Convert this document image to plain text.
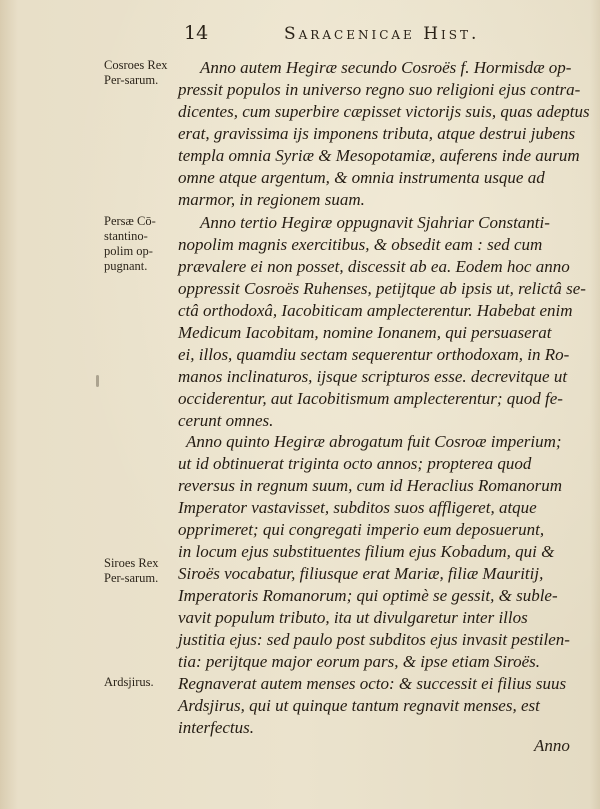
14	Saracenicae Hist.
Cosroes Rex Per-sarum.
Persæ Cō-stantino-polim op-pugnant.
Siroes Rex Per-sarum.
Ardsjirus.
Anno autem Hegiræ secundo Cosroës f. Hormisdæ op-
pressit populos in universo regno suo religioni ejus contra-
dicentes, cum superbire cæpisset victorijs suis, quas adeptus
erat, gravissima ijs imponens tributa, atque destrui jubens
templa omnia Syriæ & Mesopotamiæ, auferens inde aurum
omne atque argentum, & omnia instrumenta usque ad
marmor, in regionem suam.
Anno tertio Hegiræ oppugnavit Sjahriar Constanti-
nopolim magnis exercitibus, & obsedit eam : sed cum
prævalere ei non posset, discessit ab ea. Eodem hoc anno
oppressit Cosroës Ruhenses, petijtque ab ipsis ut, relictâ se-
ctâ orthodoxâ, Iacobiticam amplecterentur. Habebat enim
Medicum Iacobitam, nomine Ionanem, qui persuaserat
ei, illos, quamdiu sectam sequerentur orthodoxam, in Ro-
manos inclinaturos, ijsque scripturos esse. decrevitque ut
occiderentur, aut Iacobitismum amplecterentur; quod fe-
cerunt omnes.
Anno quinto Hegiræ abrogatum fuit Cosroæ imperium;
ut id obtinuerat triginta octo annos; propterea quod
reversus in regnum suum, cum id Heraclius Romanorum
Imperator vastavisset, subditos suos affligeret, atque
opprimeret; qui congregati imperio eum deposuerunt,
in locum ejus substituentes filium ejus Kobadum, qui &
Siroës vocabatur, filiusque erat Mariæ, filiæ Mauritij,
Imperatoris Romanorum; qui optimè se gessit, & suble-
vavit populum tributo, ita ut divulgaretur inter illos
justitia ejus: sed paulo post subditos ejus invasit pestilen-
tia: perijtque major eorum pars, & ipse etiam Siroës.
Regnaverat autem menses octo: & successit ei filius suus
Ardsjirus, qui ut quinque tantum regnavit menses, est
interfectus.
Anno
